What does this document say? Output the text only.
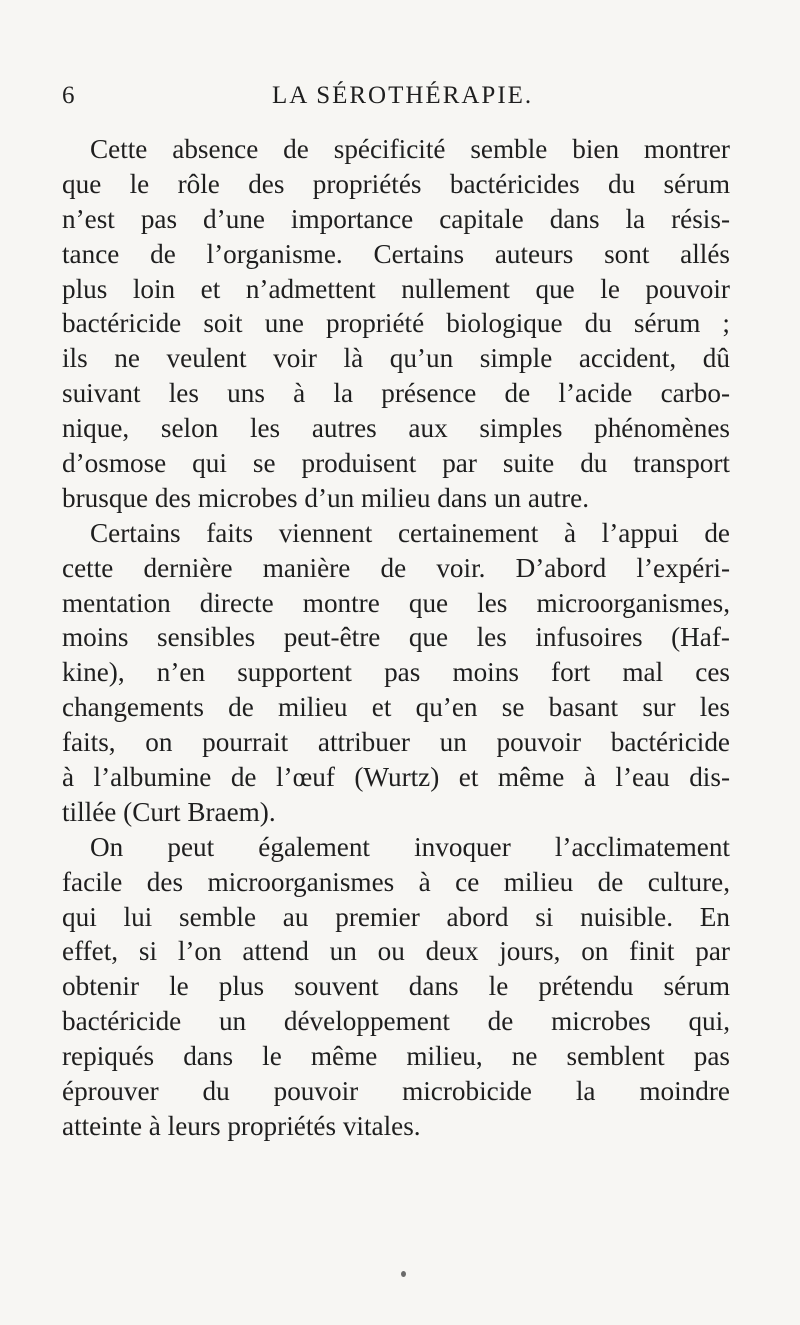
6	LA SÉROTHÉRAPIE.
Cette absence de spécificité semble bien montrer
que le rôle des propriétés bactéricides du sérum
n’est pas d’une importance capitale dans la résis-
tance de l’organisme. Certains auteurs sont allés
plus loin et n’admettent nullement que le pouvoir
bactéricide soit une propriété biologique du sérum ;
ils ne veulent voir là qu’un simple accident, dû
suivant les uns à la présence de l’acide carbo-
nique, selon les autres aux simples phénomènes
d’osmose qui se produisent par suite du transport
brusque des microbes d’un milieu dans un autre.
Certains faits viennent certainement à l’appui de
cette dernière manière de voir. D’abord l’expéri-
mentation directe montre que les microorganismes,
moins sensibles peut-être que les infusoires (Haf-
kine), n’en supportent pas moins fort mal ces
changements de milieu et qu’en se basant sur les
faits, on pourrait attribuer un pouvoir bactéricide
à l’albumine de l’œuf (Wurtz) et même à l’eau dis-
tillée (Curt Braem).
On peut également invoquer l’acclimatement
facile des microorganismes à ce milieu de culture,
qui lui semble au premier abord si nuisible. En
effet, si l’on attend un ou deux jours, on finit par
obtenir le plus souvent dans le prétendu sérum
bactéricide un développement de microbes qui,
repiqués dans le même milieu, ne semblent pas
éprouver du pouvoir microbicide la moindre
atteinte à leurs propriétés vitales.
